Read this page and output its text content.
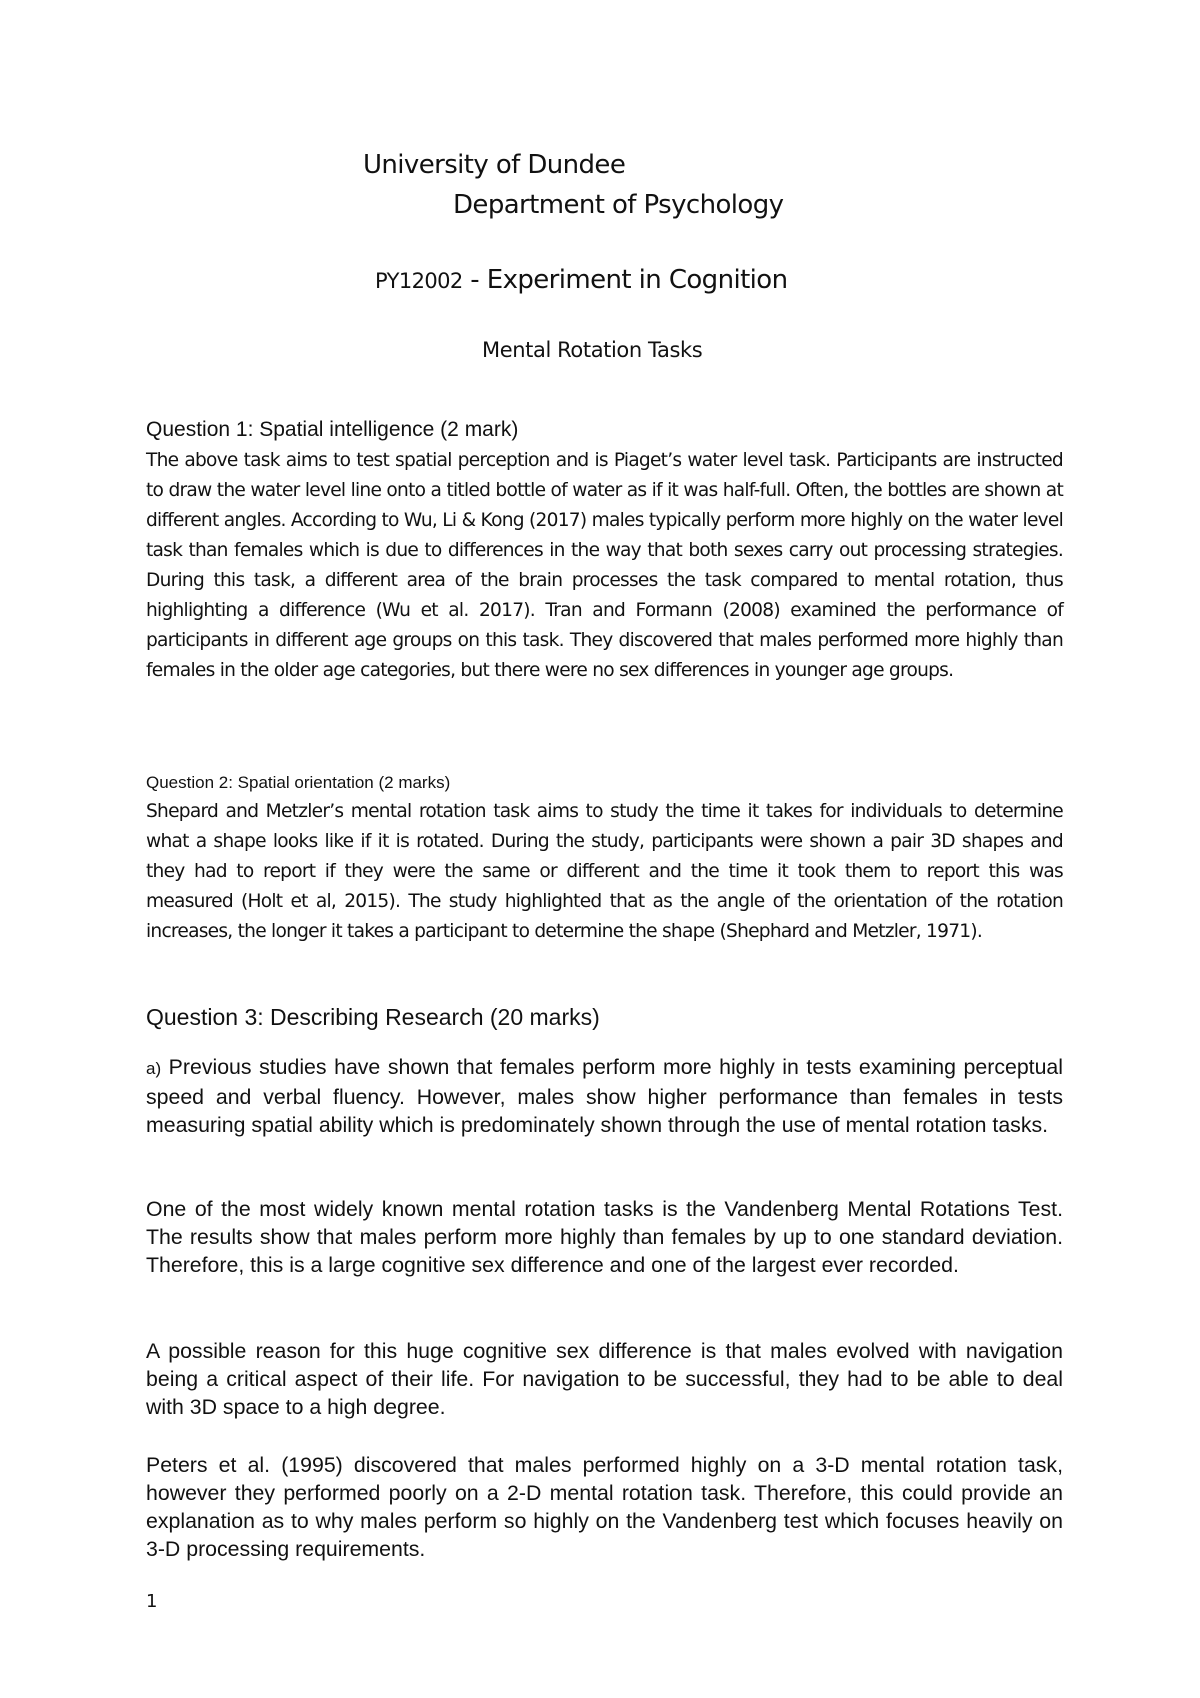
University of Dundee
Department of Psychology
PY12002 - Experiment in Cognition
Mental Rotation Tasks
Question 1: Spatial intelligence (2 mark)

The above task aims to test spatial perception and is Piaget’s water level task. Participants are instructed to draw the water level line onto a titled bottle of water as if it was half-full. Often, the bottles are shown at different angles. According to Wu, Li & Kong (2017) males typically perform more highly on the water level task than females which is due to differences in the way that both sexes carry out processing strategies. During this task, a different area of the brain processes the task compared to mental rotation, thus highlighting a difference (Wu et al. 2017). Tran and Formann (2008) examined the performance of participants in different age groups on this task. They discovered that males performed more highly than females in the older age categories, but there were no sex differences in younger age groups.

Question 2: Spatial orientation (2 marks)

Shepard and Metzler’s mental rotation task aims to study the time it takes for individuals to determine what a shape looks like if it is rotated. During the study, participants were shown a pair 3D shapes and they had to report if they were the same or different and the time it took them to report this was measured (Holt et al, 2015). The study highlighted that as the angle of the orientation of the rotation increases, the longer it takes a participant to determine the shape (Shephard and Metzler, 1971).

Question 3: Describing Research (20 marks)

a) Previous studies have shown that females perform more highly in tests examining perceptual speed and verbal fluency. However, males show higher performance than females in tests measuring spatial ability which is predominately shown through the use of mental rotation tasks.

One of the most widely known mental rotation tasks is the Vandenberg Mental Rotations Test. The results show that males perform more highly than females by up to one standard deviation. Therefore, this is a large cognitive sex difference and one of the largest ever recorded.

A possible reason for this huge cognitive sex difference is that males evolved with navigation being a critical aspect of their life. For navigation to be successful, they had to be able to deal with 3D space to a high degree.

Peters et al. (1995) discovered that males performed highly on a 3-D mental rotation task, however they performed poorly on a 2-D mental rotation task. Therefore, this could provide an explanation as to why males perform so highly on the Vandenberg test which focuses heavily on 3-D processing requirements.

1
